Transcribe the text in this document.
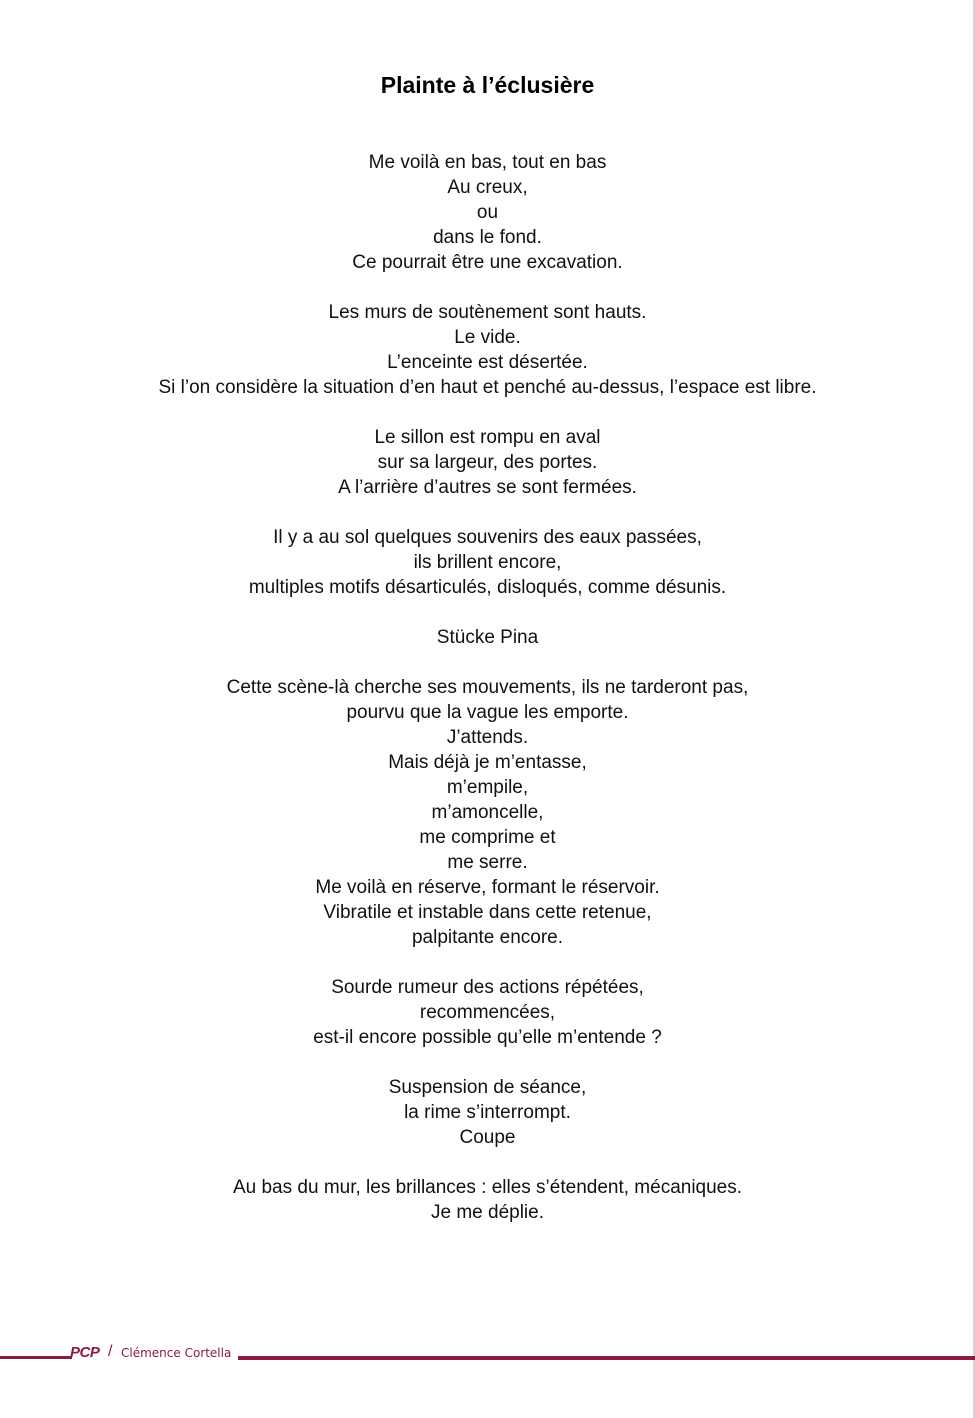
Plainte à l’éclusière
Me voilà en bas, tout en bas
Au creux,
ou
dans le fond.
Ce pourrait être une excavation.
Les murs de soutènement sont hauts.
Le vide.
L’enceinte est désertée.
Si l’on considère la situation d’en haut et penché au-dessus, l’espace est libre.
Le sillon est rompu en aval
sur sa largeur, des portes.
A l’arrière d’autres se sont fermées.
Il y a au sol quelques souvenirs des eaux passées,
ils brillent encore,
multiples motifs désarticulés, disloqués, comme désunis.
Stücke Pina
Cette scène-là cherche ses mouvements, ils ne tarderont pas,
pourvu que la vague les emporte.
J’attends.
Mais déjà je m’entasse,
m’empile,
m’amoncelle,
me comprime et
me serre.
Me voilà en réserve, formant le réservoir.
Vibratile et instable dans cette retenue,
palpitante encore.
Sourde rumeur des actions répétées,
recommencées,
est-il encore possible qu’elle m’entende ?
Suspension de séance,
la rime s’interrompt.
Coupe
Au bas du mur, les brillances : elles s’étendent, mécaniques.
Je me déplie.
PCP / Clémence Cortella
